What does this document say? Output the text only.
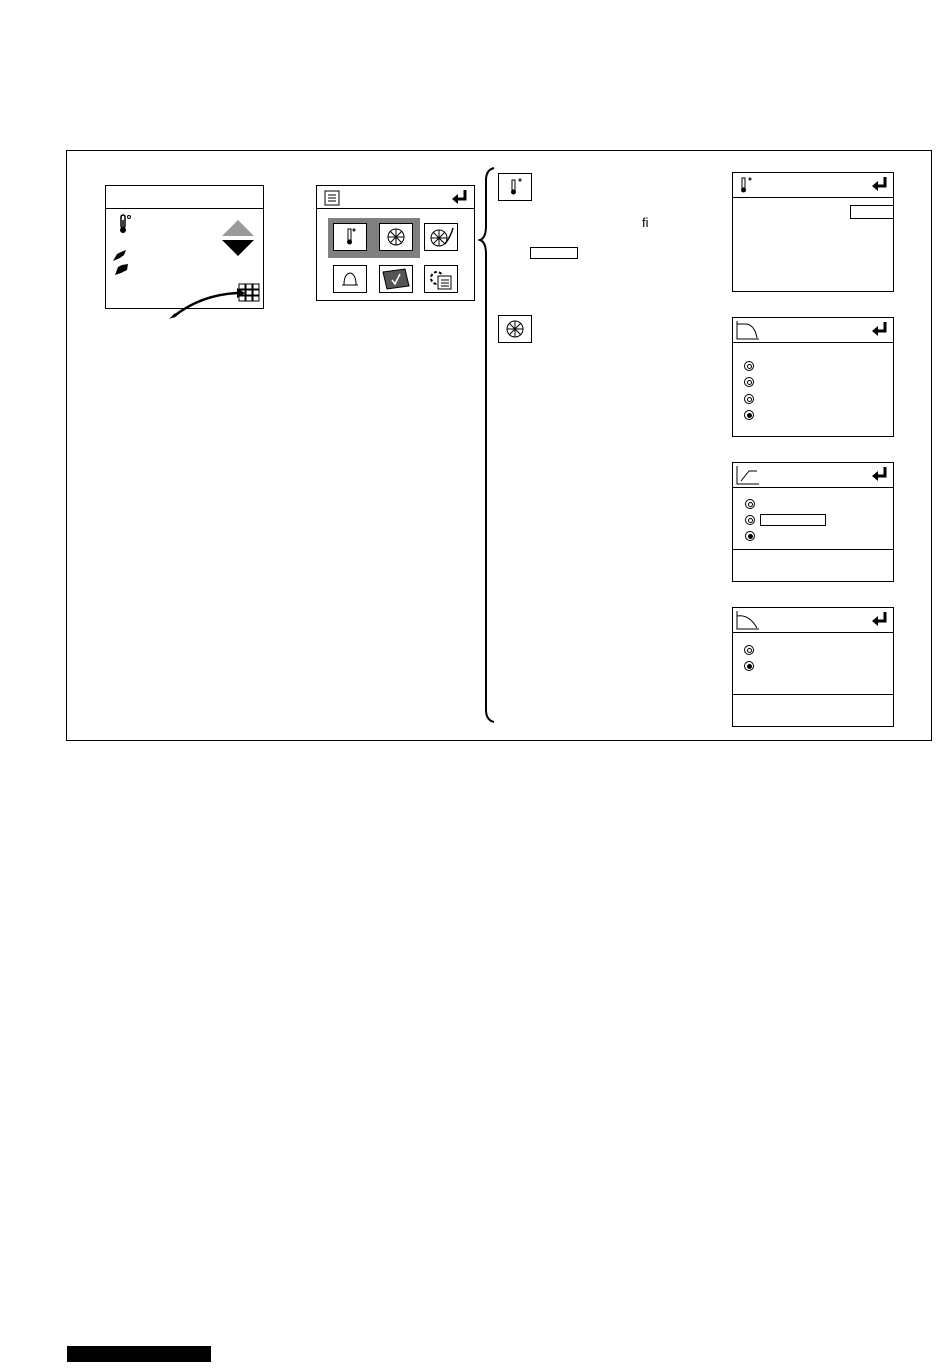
fi
